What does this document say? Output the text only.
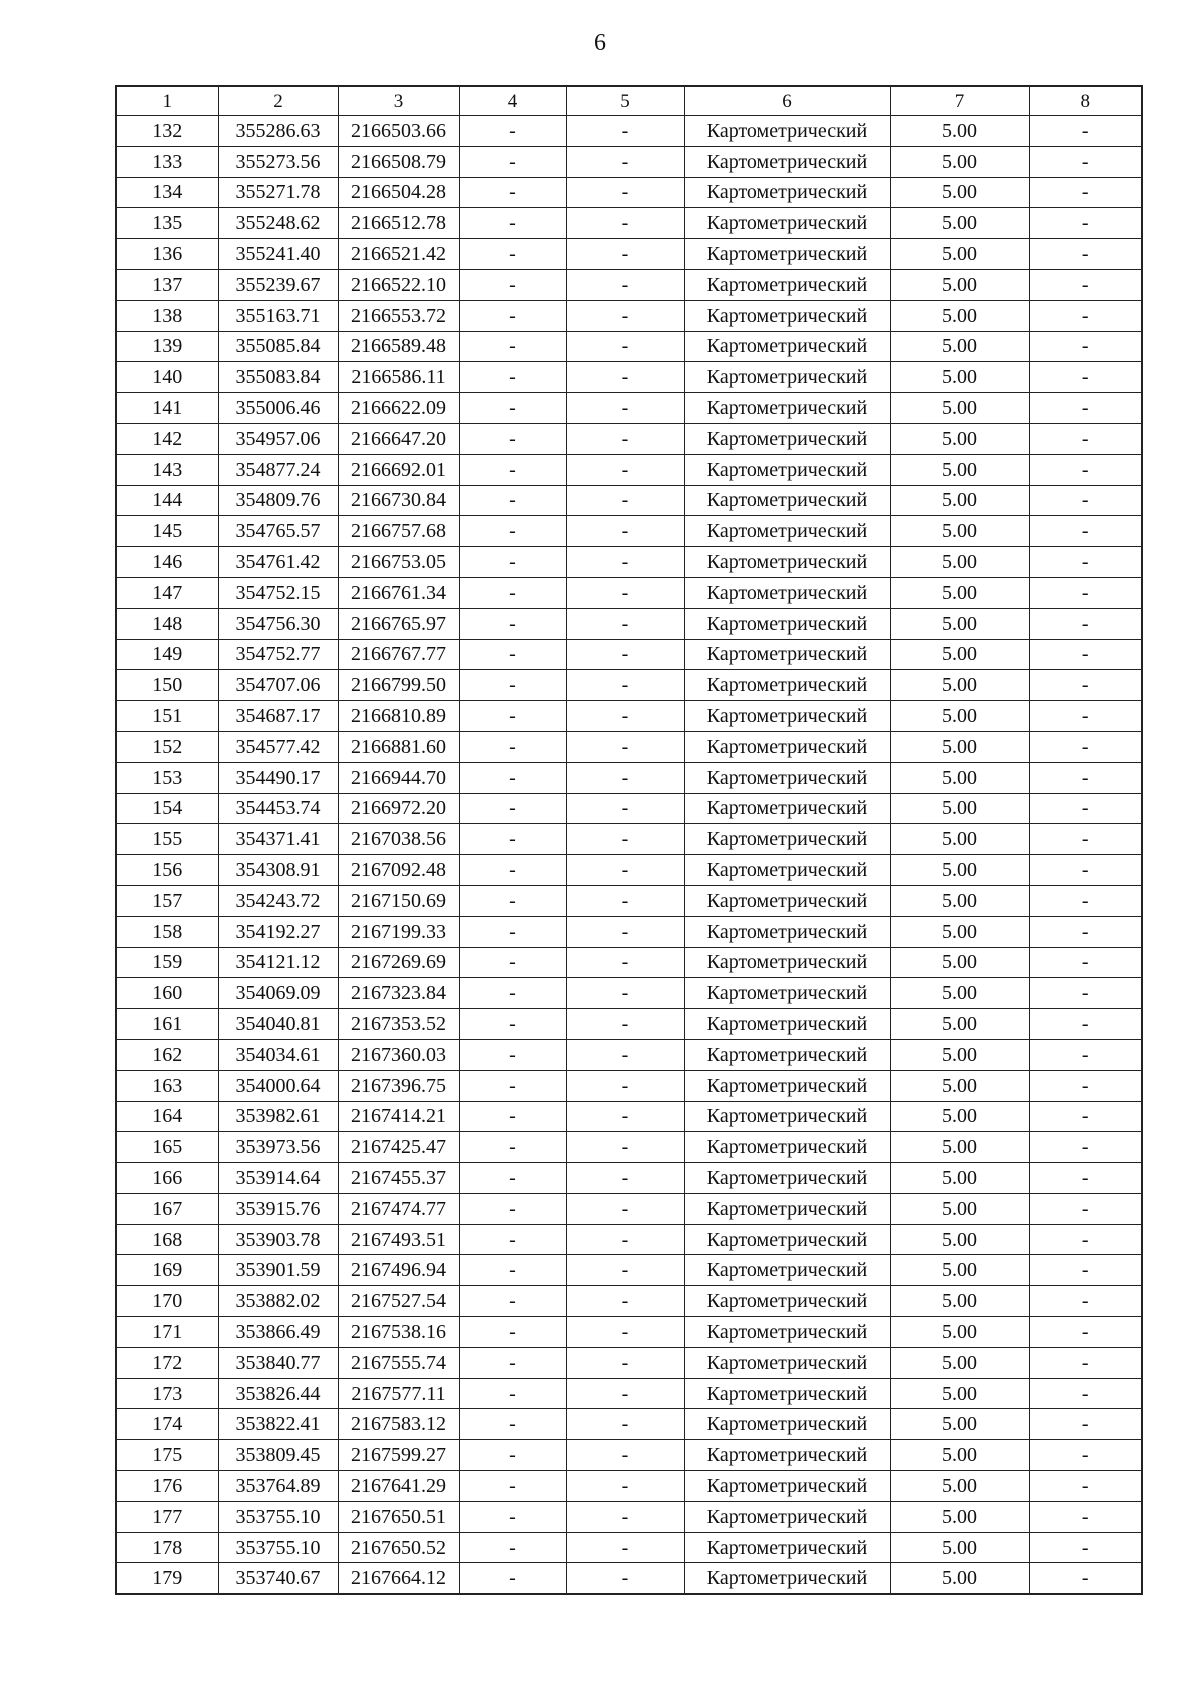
6
1	2	3	4	5	6	7	8
132	355286.63	2166503.66	-	-	Картометрический	5.00	-
133	355273.56	2166508.79	-	-	Картометрический	5.00	-
134	355271.78	2166504.28	-	-	Картометрический	5.00	-
135	355248.62	2166512.78	-	-	Картометрический	5.00	-
136	355241.40	2166521.42	-	-	Картометрический	5.00	-
137	355239.67	2166522.10	-	-	Картометрический	5.00	-
138	355163.71	2166553.72	-	-	Картометрический	5.00	-
139	355085.84	2166589.48	-	-	Картометрический	5.00	-
140	355083.84	2166586.11	-	-	Картометрический	5.00	-
141	355006.46	2166622.09	-	-	Картометрический	5.00	-
142	354957.06	2166647.20	-	-	Картометрический	5.00	-
143	354877.24	2166692.01	-	-	Картометрический	5.00	-
144	354809.76	2166730.84	-	-	Картометрический	5.00	-
145	354765.57	2166757.68	-	-	Картометрический	5.00	-
146	354761.42	2166753.05	-	-	Картометрический	5.00	-
147	354752.15	2166761.34	-	-	Картометрический	5.00	-
148	354756.30	2166765.97	-	-	Картометрический	5.00	-
149	354752.77	2166767.77	-	-	Картометрический	5.00	-
150	354707.06	2166799.50	-	-	Картометрический	5.00	-
151	354687.17	2166810.89	-	-	Картометрический	5.00	-
152	354577.42	2166881.60	-	-	Картометрический	5.00	-
153	354490.17	2166944.70	-	-	Картометрический	5.00	-
154	354453.74	2166972.20	-	-	Картометрический	5.00	-
155	354371.41	2167038.56	-	-	Картометрический	5.00	-
156	354308.91	2167092.48	-	-	Картометрический	5.00	-
157	354243.72	2167150.69	-	-	Картометрический	5.00	-
158	354192.27	2167199.33	-	-	Картометрический	5.00	-
159	354121.12	2167269.69	-	-	Картометрический	5.00	-
160	354069.09	2167323.84	-	-	Картометрический	5.00	-
161	354040.81	2167353.52	-	-	Картометрический	5.00	-
162	354034.61	2167360.03	-	-	Картометрический	5.00	-
163	354000.64	2167396.75	-	-	Картометрический	5.00	-
164	353982.61	2167414.21	-	-	Картометрический	5.00	-
165	353973.56	2167425.47	-	-	Картометрический	5.00	-
166	353914.64	2167455.37	-	-	Картометрический	5.00	-
167	353915.76	2167474.77	-	-	Картометрический	5.00	-
168	353903.78	2167493.51	-	-	Картометрический	5.00	-
169	353901.59	2167496.94	-	-	Картометрический	5.00	-
170	353882.02	2167527.54	-	-	Картометрический	5.00	-
171	353866.49	2167538.16	-	-	Картометрический	5.00	-
172	353840.77	2167555.74	-	-	Картометрический	5.00	-
173	353826.44	2167577.11	-	-	Картометрический	5.00	-
174	353822.41	2167583.12	-	-	Картометрический	5.00	-
175	353809.45	2167599.27	-	-	Картометрический	5.00	-
176	353764.89	2167641.29	-	-	Картометрический	5.00	-
177	353755.10	2167650.51	-	-	Картометрический	5.00	-
178	353755.10	2167650.52	-	-	Картометрический	5.00	-
179	353740.67	2167664.12	-	-	Картометрический	5.00	-
